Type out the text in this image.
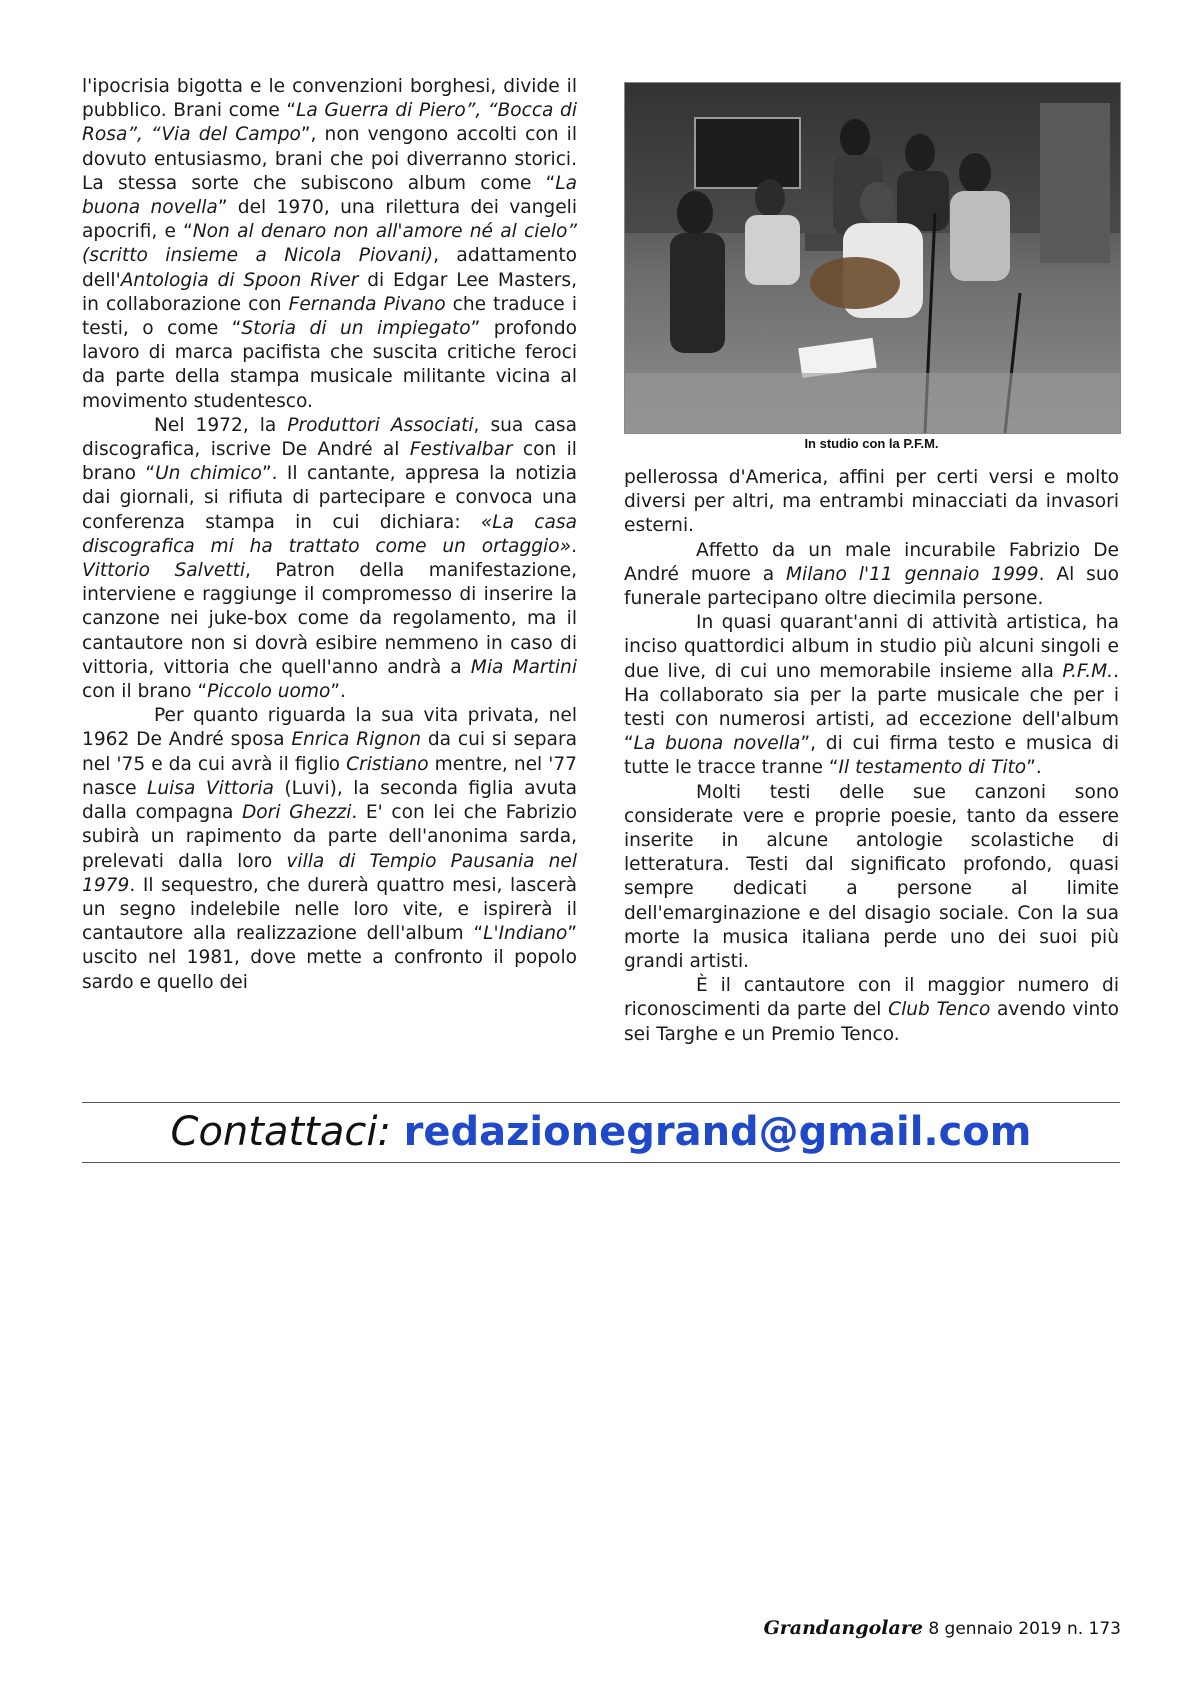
l'ipocrisia bigotta e le convenzioni borghesi, divide il pubblico. Brani come “La Guerra di Piero”, “Bocca di Rosa”, “Via del Campo”, non vengono accolti con il dovuto entusiasmo, brani che poi diverranno storici. La stessa sorte che subiscono album come “La buona novella” del 1970, una rilettura dei vangeli apocrifi, e “Non al denaro non all'amore né al cielo” (scritto insieme a Nicola Piovani), adattamento dell'Antologia di Spoon River di Edgar Lee Masters, in collaborazione con Fernanda Pivano che traduce i testi, o come “Storia di un impiegato” profondo lavoro di marca pacifista che suscita critiche feroci da parte della stampa musicale militante vicina al movimento studentesco.

Nel 1972, la Produttori Associati, sua casa discografica, iscrive De André al Festivalbar con il brano “Un chimico”. Il cantante, appresa la notizia dai giornali, si rifiuta di partecipare e convoca una conferenza stampa in cui dichiara: «La casa discografica mi ha trattato come un ortaggio». Vittorio Salvetti, Patron della manifestazione, interviene e raggiunge il compromesso di inserire la canzone nei juke-box come da regolamento, ma il cantautore non si dovrà esibire nemmeno in caso di vittoria, vittoria che quell'anno andrà a Mia Martini con il brano “Piccolo uomo”.

Per quanto riguarda la sua vita privata, nel 1962 De André sposa Enrica Rignon da cui si separa nel '75 e da cui avrà il figlio Cristiano mentre, nel '77 nasce Luisa Vittoria (Luvi), la seconda figlia avuta dalla compagna Dori Ghezzi. E' con lei che Fabrizio subirà un rapimento da parte dell'anonima sarda, prelevati dalla loro villa di Tempio Pausania nel 1979. Il sequestro, che durerà quattro mesi, lascerà un segno indelebile nelle loro vite, e ispirerà il cantautore alla realizzazione dell'album “L'Indiano” uscito nel 1981, dove mette a confronto il popolo sardo e quello dei

In studio con la P.F.M.

pellerossa d'America, affini per certi versi e molto diversi per altri, ma entrambi minacciati da invasori esterni.

Affetto da un male incurabile Fabrizio De André muore a Milano l'11 gennaio 1999. Al suo funerale partecipano oltre diecimila persone.

In quasi quarant'anni di attività artistica, ha inciso quattordici album in studio più alcuni singoli e due live, di cui uno memorabile insieme alla P.F.M.. Ha collaborato sia per la parte musicale che per i testi con numerosi artisti, ad eccezione dell'album “La buona novella”, di cui firma testo e musica di tutte le tracce tranne “Il testamento di Tito”.

Molti testi delle sue canzoni sono considerate vere e proprie poesie, tanto da essere inserite in alcune antologie scolastiche di letteratura. Testi dal significato profondo, quasi sempre dedicati a persone al limite dell'emarginazione e del disagio sociale. Con la sua morte la musica italiana perde uno dei suoi più grandi artisti.

È il cantautore con il maggior numero di riconoscimenti da parte del Club Tenco avendo vinto sei Targhe e un Premio Tenco.

Contattaci: redazionegrand@gmail.com
Grandangolare 8 gennaio 2019 n. 173
